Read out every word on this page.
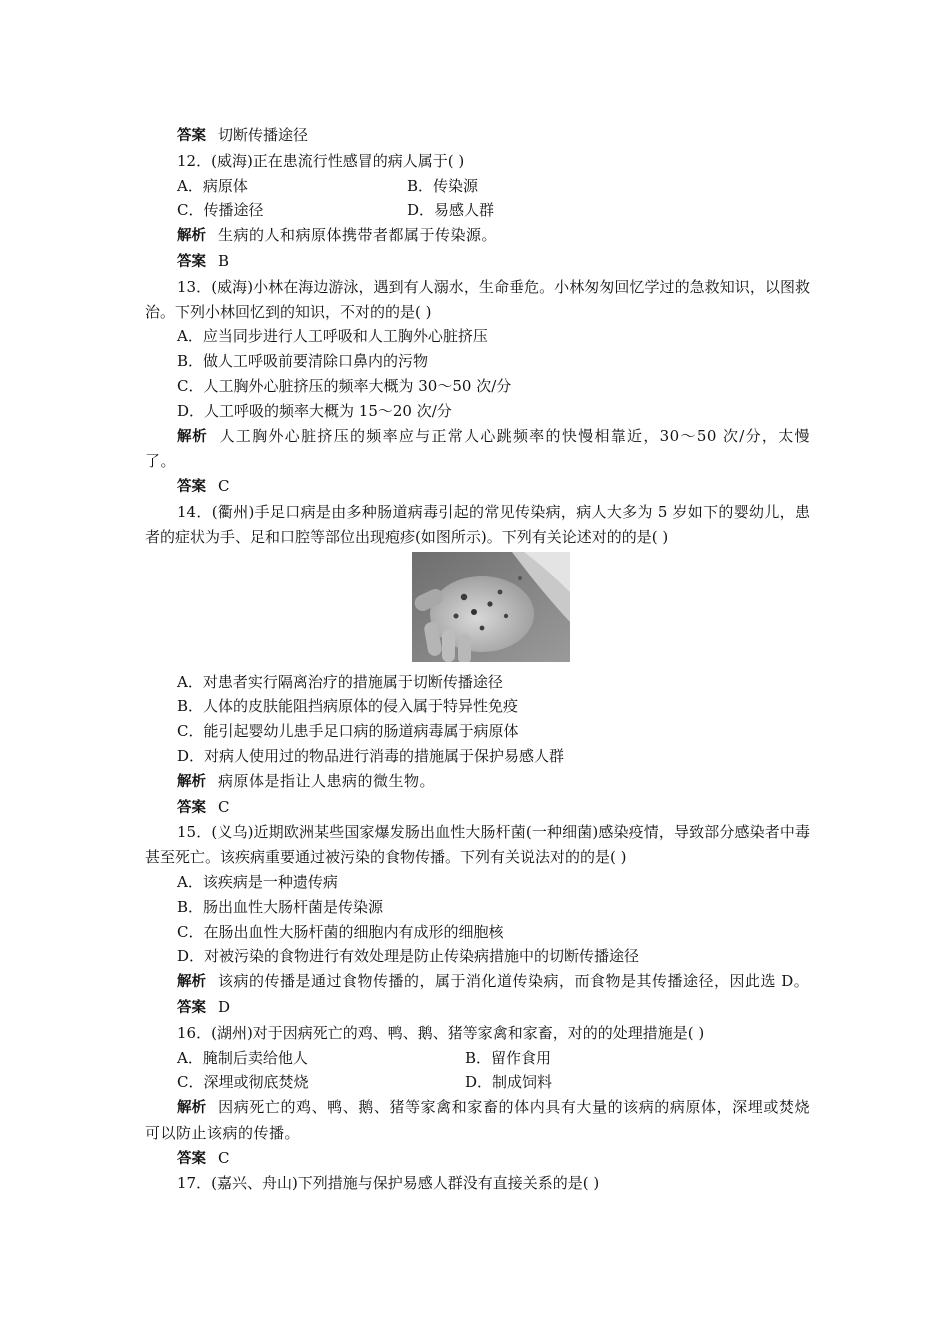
答案 切断传播途径
12．(威海)正在患流行性感冒的病人属于( )
A．病原体	B．传染源
C．传播途径	D．易感人群
解析 生病的人和病原体携带者都属于传染源。
答案 B
13．(威海)小林在海边游泳，遇到有人溺水，生命垂危。小林匆匆回忆学过的急救知识，以图救治。下列小林回忆到的知识，不对的的是( )
A．应当同步进行人工呼吸和人工胸外心脏挤压
B．做人工呼吸前要清除口鼻内的污物
C．人工胸外心脏挤压的频率大概为 30～50 次/分
D．人工呼吸的频率大概为 15～20 次/分
解析 人工胸外心脏挤压的频率应与正常人心跳频率的快慢相靠近，30～50 次/分，太慢了。
答案 C
14．(衢州)手足口病是由多种肠道病毒引起的常见传染病，病人大多为 5 岁如下的婴幼儿，患者的症状为手、足和口腔等部位出现疱疹(如图所示)。下列有关论述对的的是( )
A．对患者实行隔离治疗的措施属于切断传播途径
B．人体的皮肤能阻挡病原体的侵入属于特异性免疫
C．能引起婴幼儿患手足口病的肠道病毒属于病原体
D．对病人使用过的物品进行消毒的措施属于保护易感人群
解析 病原体是指让人患病的微生物。
答案 C
15．(义乌)近期欧洲某些国家爆发肠出血性大肠杆菌(一种细菌)感染疫情，导致部分感染者中毒甚至死亡。该疾病重要通过被污染的食物传播。下列有关说法对的的是( )
A．该疾病是一种遗传病
B．肠出血性大肠杆菌是传染源
C．在肠出血性大肠杆菌的细胞内有成形的细胞核
D．对被污染的食物进行有效处理是防止传染病措施中的切断传播途径
解析 该病的传播是通过食物传播的，属于消化道传染病，而食物是其传播途径，因此选 D。
答案 D
16．(湖州)对于因病死亡的鸡、鸭、鹅、猪等家禽和家畜，对的的处理措施是( )
A．腌制后卖给他人	B．留作食用
C．深埋或彻底焚烧	D．制成饲料
解析 因病死亡的鸡、鸭、鹅、猪等家禽和家畜的体内具有大量的该病的病原体，深埋或焚烧可以防止该病的传播。
答案 C
17．(嘉兴、舟山)下列措施与保护易感人群没有直接关系的是( )
